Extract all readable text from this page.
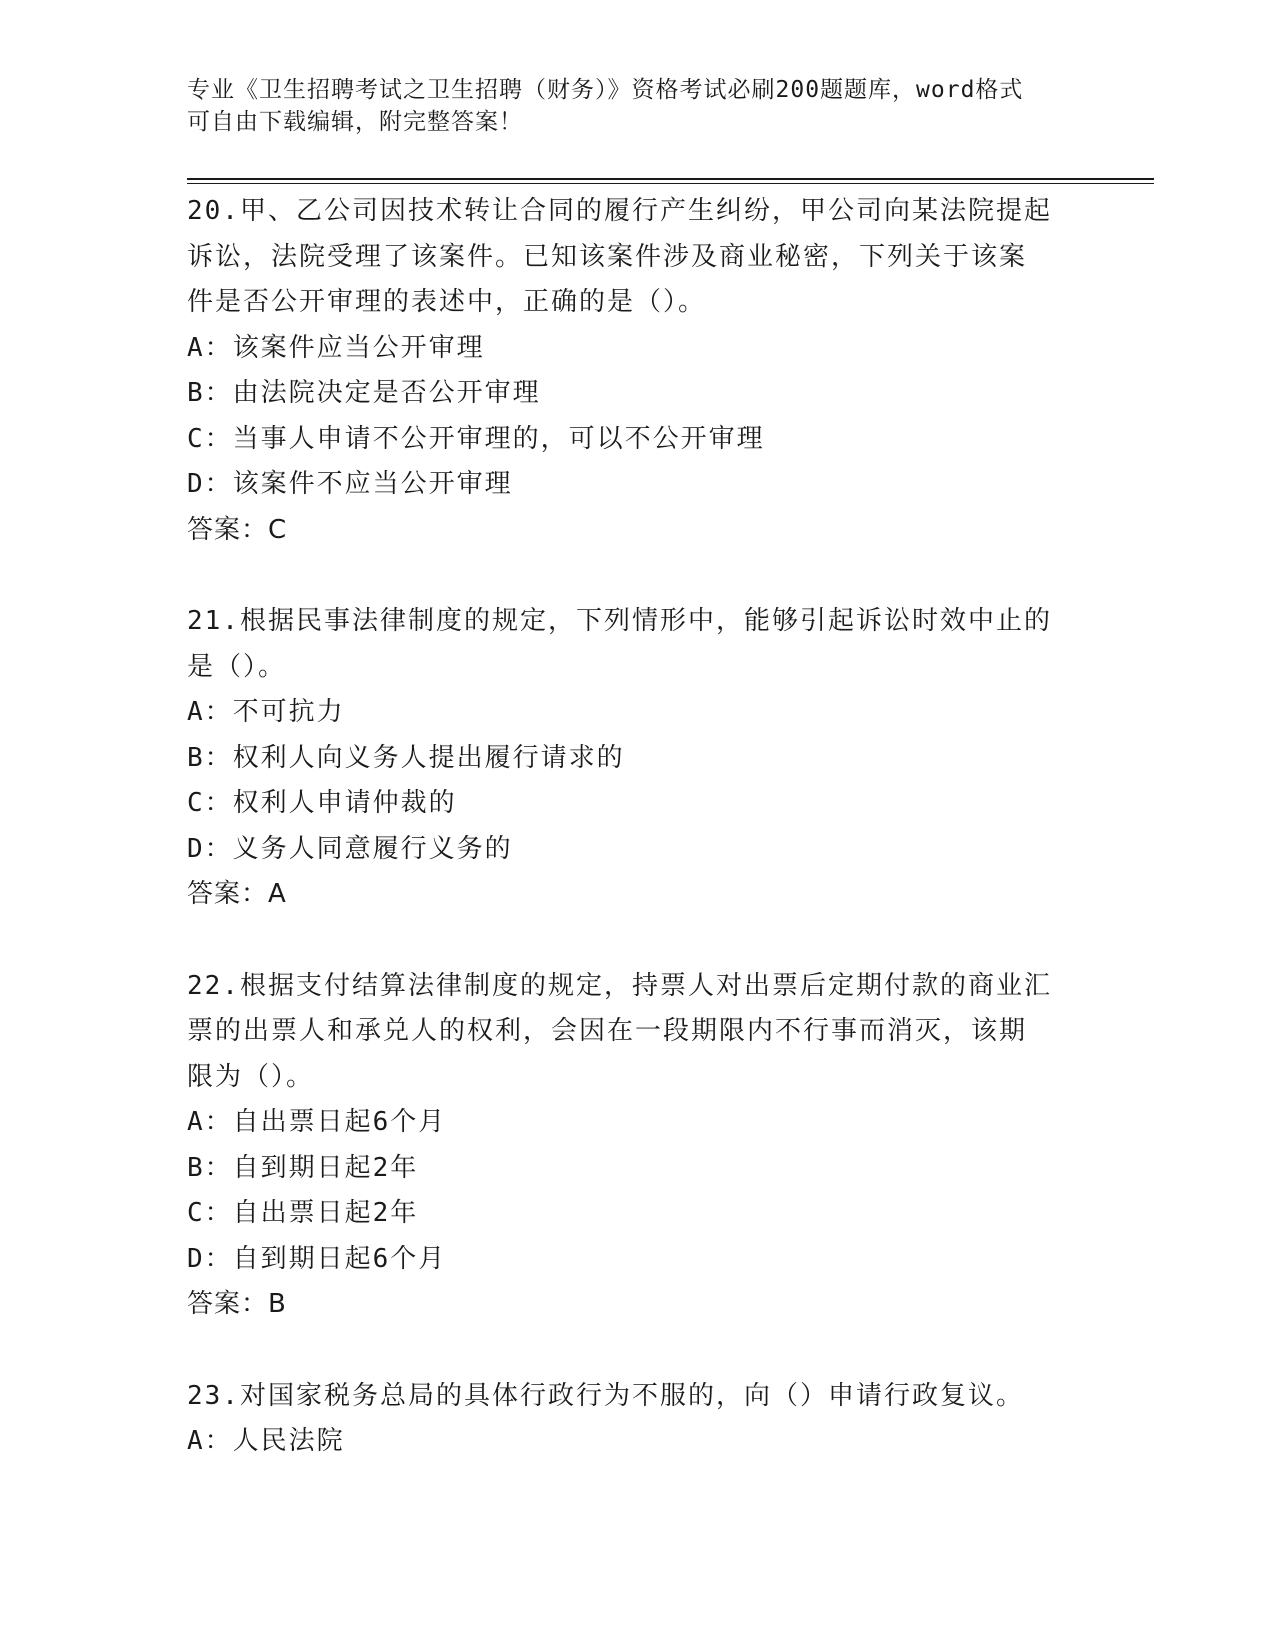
专业《卫生招聘考试之卫生招聘（财务）》资格考试必刷200题题库，word格式
可自由下载编辑，附完整答案！
20.甲、乙公司因技术转让合同的履行产生纠纷，甲公司向某法院提起
诉讼，法院受理了该案件。已知该案件涉及商业秘密，下列关于该案
件是否公开审理的表述中，正确的是（）。
A：该案件应当公开审理
B：由法院决定是否公开审理
C：当事人申请不公开审理的，可以不公开审理
D：该案件不应当公开审理
答案：C
21.根据民事法律制度的规定，下列情形中，能够引起诉讼时效中止的
是（）。
A：不可抗力
B：权利人向义务人提出履行请求的
C：权利人申请仲裁的
D：义务人同意履行义务的
答案：A
22.根据支付结算法律制度的规定，持票人对出票后定期付款的商业汇
票的出票人和承兑人的权利，会因在一段期限内不行事而消灭，该期
限为（）。
A：自出票日起6个月
B：自到期日起2年
C：自出票日起2年
D：自到期日起6个月
答案：B
23.对国家税务总局的具体行政行为不服的，向（）申请行政复议。
A：人民法院
